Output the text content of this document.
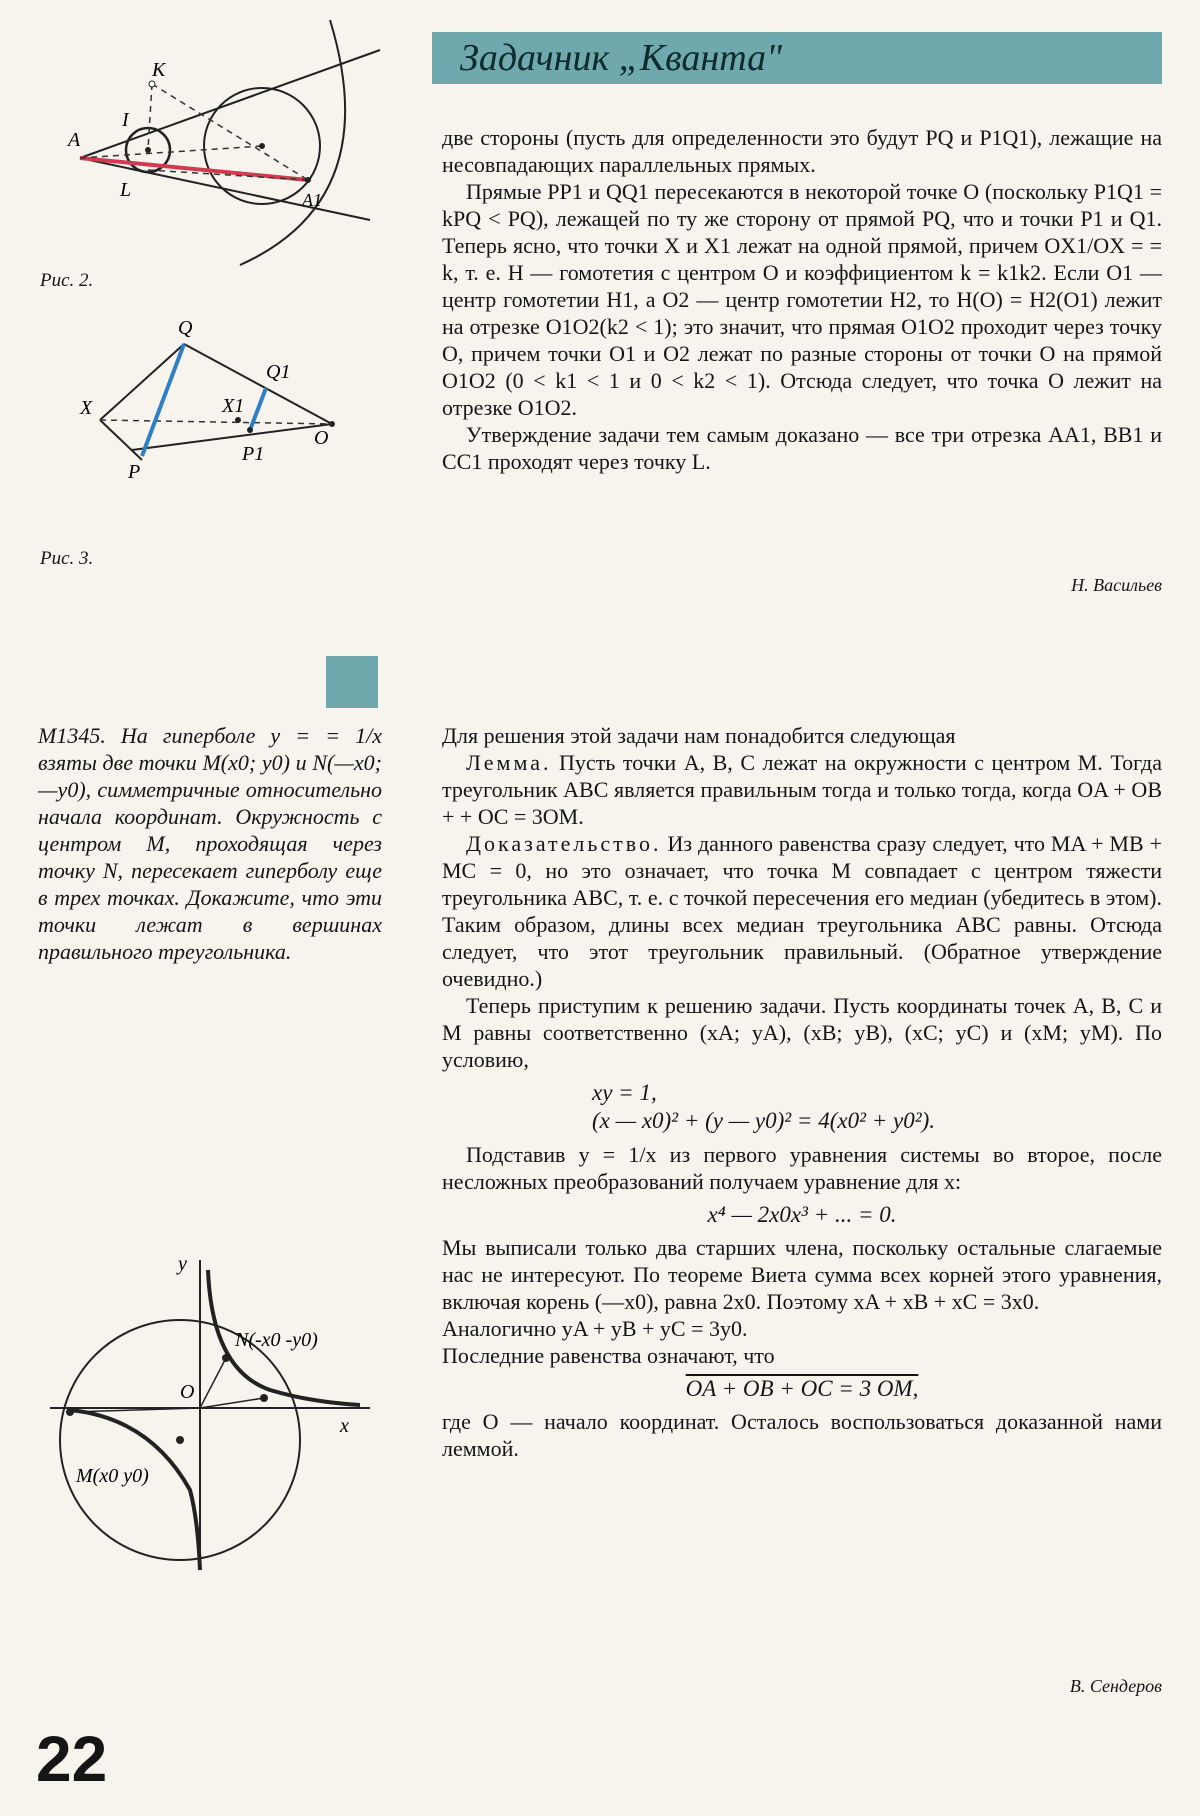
Задачник „Кванта"
K
A
I
L	A1
Рис. 2.
Q
Q1
X	X1
O
P
P1
Рис. 3.

две стороны (пусть для определенности это будут PQ и P1Q1), лежащие на несовпадающих параллельных прямых.

Прямые PP1 и QQ1 пересекаются в некоторой точке O (поскольку P1Q1 = kPQ < PQ), лежащей по ту же сторону от прямой PQ, что и точки P1 и Q1. Теперь ясно, что точки X и X1 лежат на одной прямой, причем OX1/OX = = k, т. е. H — гомотетия с центром O и коэффициентом k = k1k2. Если O1 — центр гомотетии H1, а O2 — центр гомотетии H2, то H(O) = H2(O1) лежит на отрезке O1O2(k2 < 1); это значит, что прямая O1O2 проходит через точку O, причем точки O1 и O2 лежат по разные стороны от точки O на прямой O1O2 (0 < k1 < 1 и 0 < k2 < 1). Отсюда следует, что точка O лежит на отрезке O1O2.

Утверждение задачи тем самым доказано — все три отрезка AA1, BB1 и CC1 проходят через точку L.

Н. Васильев
M1345. На гиперболе y = = 1/x взяты две точки M(x0; y0) и N(—x0; —y0), симметричные относительно начала координат. Окружность с центром M, проходящая через точку N, пересекает гиперболу еще в трех точках. Докажите, что эти точки лежат в вершинах правильного треугольника.

Для решения этой задачи нам понадобится следующая

Лемма. Пусть точки A, B, C лежат на окружности с центром M. Тогда треугольник ABC является правильным тогда и только тогда, когда OA + OB + + OC = 3OM.

Доказательство. Из данного равенства сразу следует, что MA + MB + MC = 0, но это означает, что точка M совпадает с центром тяжести треугольника ABC, т. е. с точкой пересечения его медиан (убедитесь в этом). Таким образом, длины всех медиан треугольника ABC равны. Отсюда следует, что этот треугольник правильный. (Обратное утверждение очевидно.)

Теперь приступим к решению задачи. Пусть координаты точек A, B, C и M равны соответственно (xA; yA), (xB; yB), (xC; yC) и (xM; yM). По условию,

xy = 1,
(x — x0)² + (y — y0)² = 4(x0² + y0²).

Подставив y = 1/x из первого уравнения системы во второе, после несложных преобразований получаем уравнение для x:

x⁴ — 2x0x³ + ... = 0.

Мы выписали только два старших члена, поскольку остальные слагаемые нас не интересуют. По теореме Виета сумма всех корней этого уравнения, включая корень (—x0), равна 2x0. Поэтому xA + xB + xC = 3x0.

Аналогично yA + yB + yC = 3y0.

Последние равенства означают, что

OA + OB + OC = 3 OM,

где O — начало координат. Осталось воспользоваться доказанной нами леммой.

В. Сендеров
y
N(-x0 -y0)
O
x
M(x0 y0)
22
